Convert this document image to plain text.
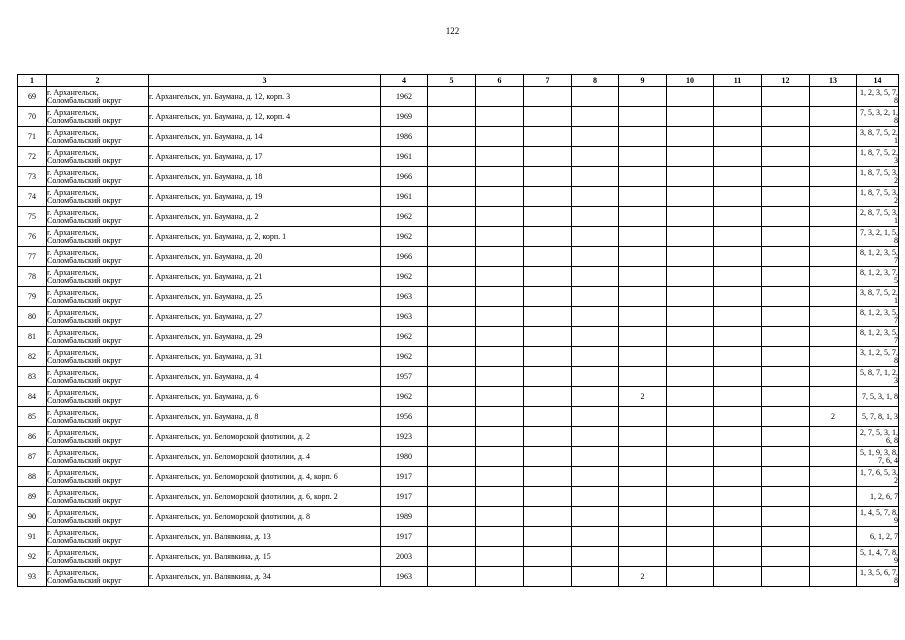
122
1	2	3	4	5	6	7	8	9	10	11	12	13	14
69	г. Архангельск,
Соломбальский округ	г. Архангельск, ул. Баумана, д. 12, корп. 3	1962										1, 2, 3, 5, 7,
8

70	г. Архангельск,
Соломбальский округ	г. Архангельск, ул. Баумана, д. 12, корп. 4	1969										7, 5, 3, 2, 1,
8

71	г. Архангельск,
Соломбальский округ	г. Архангельск, ул. Баумана, д. 14	1986										3, 8, 7, 5, 2,
1

72	г. Архангельск,
Соломбальский округ	г. Архангельск, ул. Баумана, д. 17	1961										1, 8, 7, 5, 2,
3

73	г. Архангельск,
Соломбальский округ	г. Архангельск, ул. Баумана, д. 18	1966										1, 8, 7, 5, 3,
2

74	г. Архангельск,
Соломбальский округ	г. Архангельск, ул. Баумана, д. 19	1961										1, 8, 7, 5, 3,
2

75	г. Архангельск,
Соломбальский округ	г. Архангельск, ул. Баумана, д. 2	1962										2, 8, 7, 5, 3,
1

76	г. Архангельск,
Соломбальский округ	г. Архангельск, ул. Баумана, д. 2, корп. 1	1962										7, 3, 2, 1, 5,
8

77	г. Архангельск,
Соломбальский округ	г. Архангельск, ул. Баумана, д. 20	1966										8, 1, 2, 3, 5,
7

78	г. Архангельск,
Соломбальский округ	г. Архангельск, ул. Баумана, д. 21	1962										8, 1, 2, 3, 7,
5

79	г. Архангельск,
Соломбальский округ	г. Архангельск, ул. Баумана, д. 25	1963										3, 8, 7, 5, 2,
1

80	г. Архангельск,
Соломбальский округ	г. Архангельск, ул. Баумана, д. 27	1963										8, 1, 2, 3, 5,
7

81	г. Архангельск,
Соломбальский округ	г. Архангельск, ул. Баумана, д. 29	1962										8, 1, 2, 3, 5,
7

82	г. Архангельск,
Соломбальский округ	г. Архангельск, ул. Баумана, д. 31	1962										3, 1, 2, 5, 7,
8

83	г. Архангельск,
Соломбальский округ	г. Архангельск, ул. Баумана, д. 4	1957										5, 8, 7, 1, 2,
3

84	г. Архангельск,
Соломбальский округ	г. Архангельск, ул. Баумана, д. 6	1962					2					7, 5, 3, 1, 8

85	г. Архангельск,
Соломбальский округ	г. Архангельск, ул. Баумана, д. 8	1956									2	5, 7, 8, 1, 3

86	г. Архангельск,
Соломбальский округ	г. Архангельск, ул. Беломорской флотилии, д. 2	1923										2, 7, 5, 3, 1,
6, 8

87	г. Архангельск,
Соломбальский округ	г. Архангельск, ул. Беломорской флотилии, д. 4	1980										5, 1, 9, 3, 8,
7, 6, 4

88	г. Архангельск,
Соломбальский округ	г. Архангельск, ул. Беломорской флотилии, д. 4, корп. 6	1917										1, 7, 6, 5, 3,
2

89	г. Архангельск,
Соломбальский округ	г. Архангельск, ул. Беломорской флотилии, д. 6, корп. 2	1917										1, 2, 6, 7

90	г. Архангельск,
Соломбальский округ	г. Архангельск, ул. Беломорской флотилии, д. 8	1989										1, 4, 5, 7, 8,
9

91	г. Архангельск,
Соломбальский округ	г. Архангельск, ул. Валявкина, д. 13	1917										6, 1, 2, 7

92	г. Архангельск,
Соломбальский округ	г. Архангельск, ул. Валявкина, д. 15	2003										5, 1, 4, 7, 8,
9

93	г. Архангельск,
Соломбальский округ	г. Архангельск, ул. Валявкина, д. 34	1963					2					1, 3, 5, 6, 7,
8
